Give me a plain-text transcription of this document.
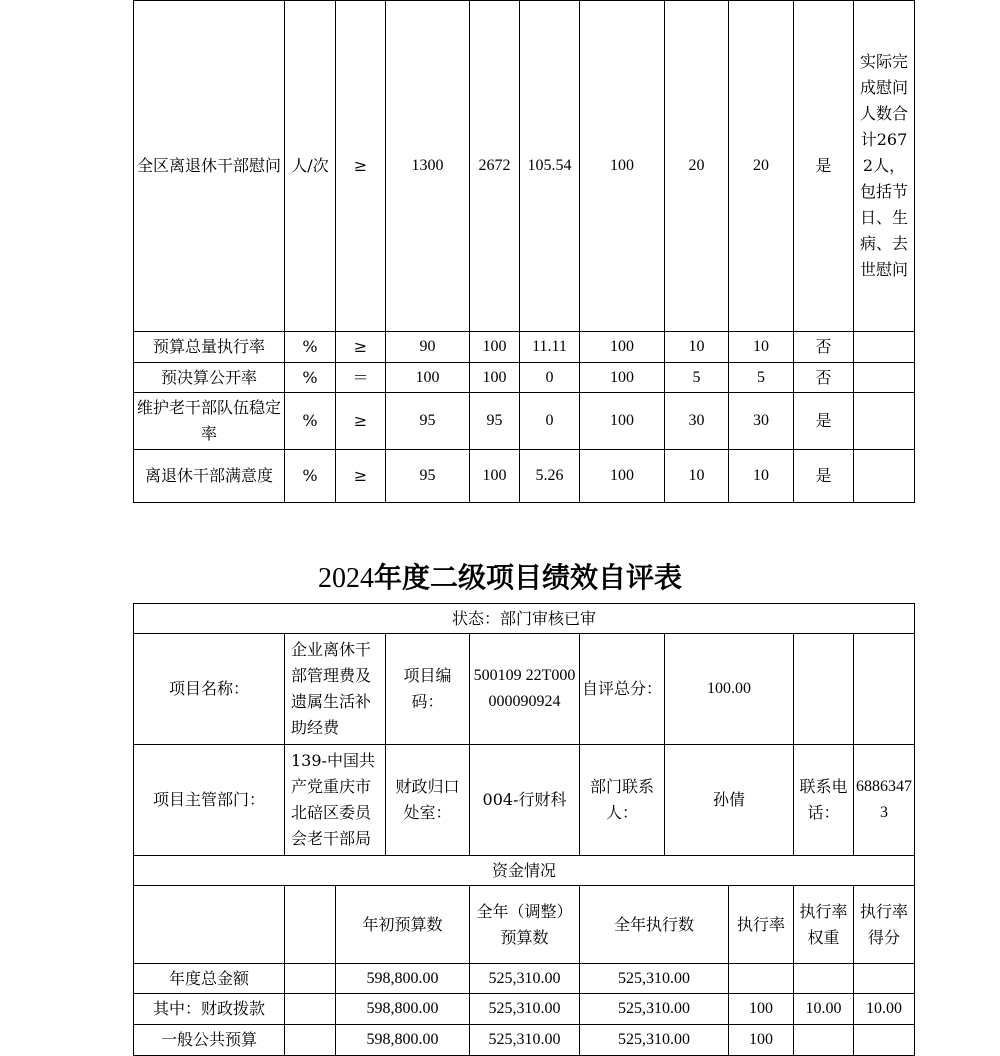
全区离退休干部慰问	人/次	≥	1300	2672	105.54	100	20	20	是	实际完成慰问人数合计2672人，包括节日、生病、去世慰问
预算总量执行率	%	≥	90	100	11.11	100	10	10	否	
预决算公开率	%	＝	100	100	0	100	5	5	否	
维护老干部队伍稳定率	%	≥	95	95	0	100	30	30	是	
离退休干部满意度	%	≥	95	100	5.26	100	10	10	是	
2024年度二级项目绩效自评表
状态：部门审核已审									
项目名称：	企业离休干部管理费及遗属生活补助经费		项目编码：	500109 22T000000090924	自评总分：	100.00			
项目主管部门：	139-中国共产党重庆市北碚区委员会老干部局		财政归口处室：	004-行财科	部门联系人：	孙倩		联系电话：	68863473
资金情况									
		年初预算数		全年（调整）预算数	全年执行数		执行率	执行率权重	执行率得分
年度总金额		598,800.00		525,310.00	525,310.00				
其中：财政拨款		598,800.00		525,310.00	525,310.00		100	10.00	10.00
一般公共预算		598,800.00		525,310.00	525,310.00		100		
